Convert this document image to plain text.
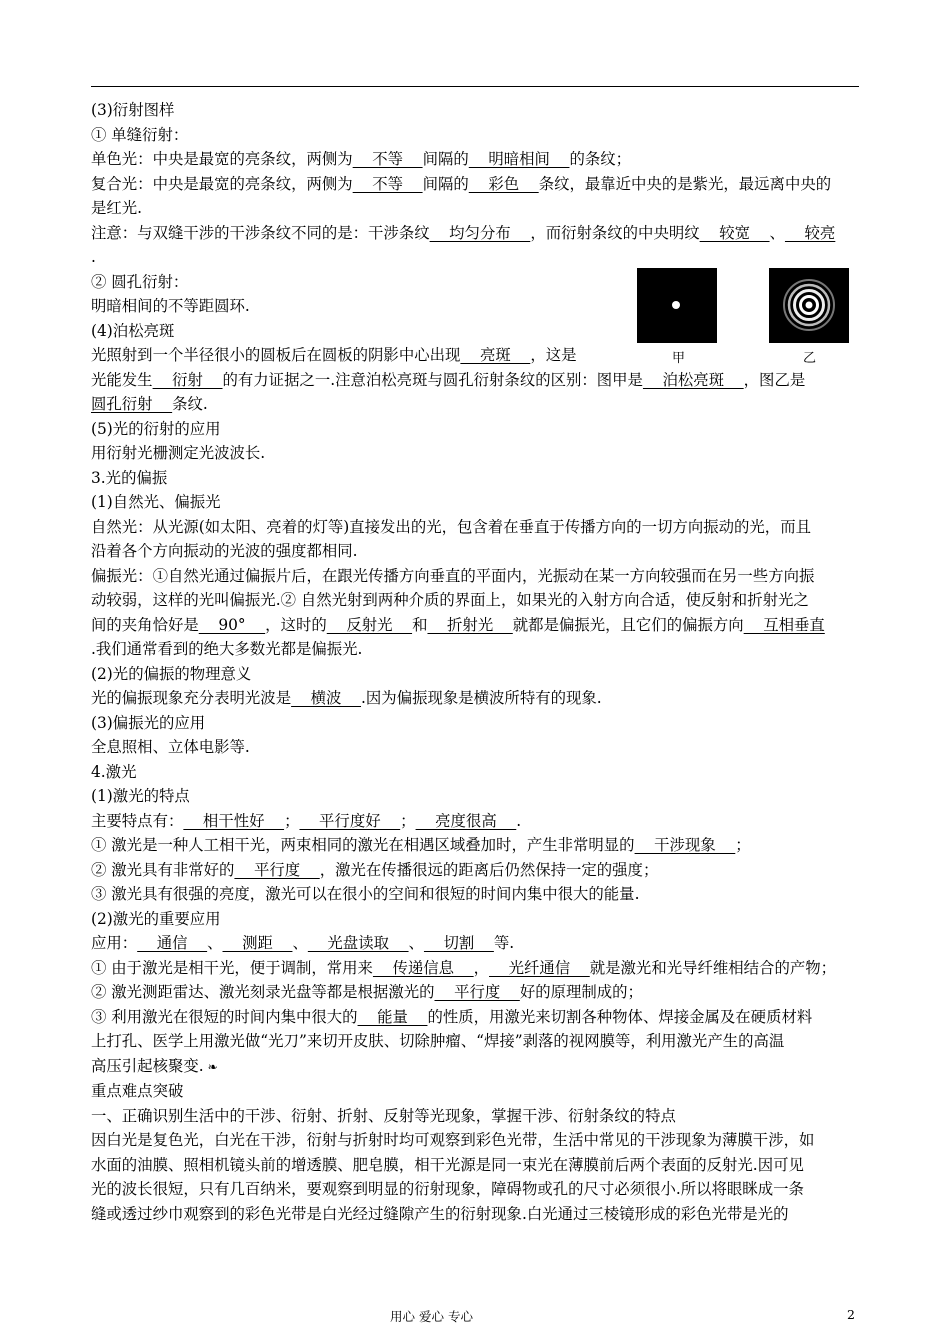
(3)衍射图样

① 单缝衍射：

单色光：中央是最宽的亮条纹，两侧为    不等    间隔的    明暗相间    的条纹；

复合光：中央是最宽的亮条纹，两侧为    不等    间隔的    彩色    条纹，最靠近中央的是紫光，最远离中央的

是红光.

注意：与双缝干涉的干涉条纹不同的是：干涉条纹    均匀分布    ，而衍射条纹的中央明纹    较宽    、    较亮

.

② 圆孔衍射：

明暗相间的不等距圆环.

(4)泊松亮斑

光照射到一个半径很小的圆板后在圆板的阴影中心出现    亮斑    ，这是

光能发生    衍射    的有力证据之一.注意泊松亮斑与圆孔衍射条纹的区别：图甲是    泊松亮斑    ，图乙是

圆孔衍射    条纹.

(5)光的衍射的应用

用衍射光栅测定光波波长.

3.光的偏振

(1)自然光、偏振光

自然光：从光源(如太阳、亮着的灯等)直接发出的光，包含着在垂直于传播方向的一切方向振动的光，而且

沿着各个方向振动的光波的强度都相同.

偏振光：①自然光通过偏振片后，在跟光传播方向垂直的平面内，光振动在某一方向较强而在另一些方向振

动较弱，这样的光叫偏振光.② 自然光射到两种介质的界面上，如果光的入射方向合适，使反射和折射光之

间的夹角恰好是    90°    ，这时的    反射光    和    折射光    就都是偏振光，且它们的偏振方向    互相垂直

.我们通常看到的绝大多数光都是偏振光.

(2)光的偏振的物理意义

光的偏振现象充分表明光波是    横波    .因为偏振现象是横波所特有的现象.

(3)偏振光的应用

全息照相、立体电影等.

4.激光

(1)激光的特点

主要特点有：    相干性好    ；    平行度好    ；    亮度很高    .

① 激光是一种人工相干光，两束相同的激光在相遇区域叠加时，产生非常明显的    干涉现象    ；

② 激光具有非常好的    平行度    ，激光在传播很远的距离后仍然保持一定的强度；

③ 激光具有很强的亮度，激光可以在很小的空间和很短的时间内集中很大的能量.

(2)激光的重要应用

应用：    通信    、    测距    、    光盘读取    、    切割    等.

① 由于激光是相干光，便于调制，常用来    传递信息    ，    光纤通信    就是激光和光导纤维相结合的产物；

② 激光测距雷达、激光刻录光盘等都是根据激光的    平行度    好的原理制成的；

③ 利用激光在很短的时间内集中很大的    能量    的性质，用激光来切割各种物体、焊接金属及在硬质材料

上打孔、医学上用激光做“光刀”来切开皮肤、切除肿瘤、“焊接”剥落的视网膜等，利用激光产生的高温

高压引起核聚变. ❧

重点难点突破

一、正确识别生活中的干涉、衍射、折射、反射等光现象，掌握干涉、衍射条纹的特点

因白光是复色光，白光在干涉，衍射与折射时均可观察到彩色光带，生活中常见的干涉现象为薄膜干涉，如

水面的油膜、照相机镜头前的增透膜、肥皂膜，相干光源是同一束光在薄膜前后两个表面的反射光.因可见

光的波长很短，只有几百纳米，要观察到明显的衍射现象，障碍物或孔的尺寸必须很小.所以将眼眯成一条

缝或透过纱巾观察到的彩色光带是白光经过缝隙产生的衍射现象.白光通过三棱镜形成的彩色光带是光的

甲	乙
用心 爱心 专心	2
